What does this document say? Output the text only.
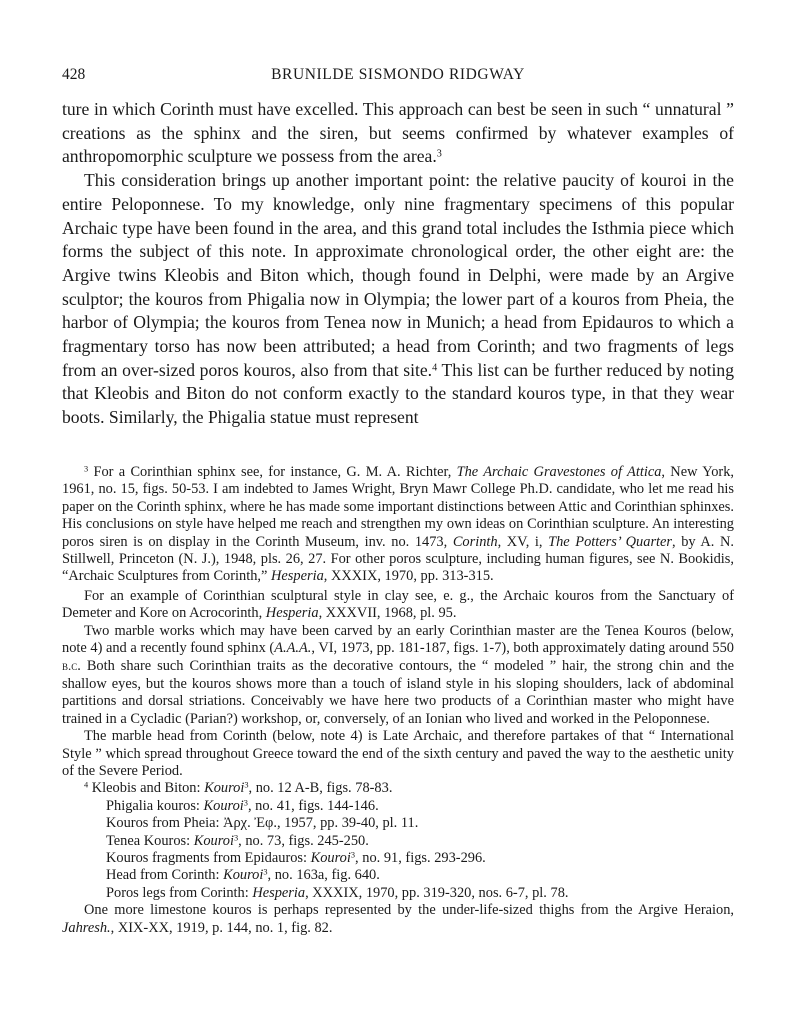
428	BRUNILDE SISMONDO RIDGWAY

ture in which Corinth must have excelled. This approach can best be seen in such “ unnatural ” creations as the sphinx and the siren, but seems confirmed by whatever examples of anthropomorphic sculpture we possess from the area.$^3$

This consideration brings up another important point: the relative paucity of kouroi in the entire Peloponnese. To my knowledge, only nine fragmentary specimens of this popular Archaic type have been found in the area, and this grand total includes the Isthmia piece which forms the subject of this note. In approximate chronological order, the other eight are: the Argive twins Kleobis and Biton which, though found in Delphi, were made by an Argive sculptor; the kouros from Phigalia now in Olympia; the lower part of a kouros from Pheia, the harbor of Olympia; the kouros from Tenea now in Munich; a head from Epidauros to which a fragmentary torso has now been attributed; a head from Corinth; and two fragments of legs from an over-sized poros kouros, also from that site.$^4$ This list can be further reduced by noting that Kleobis and Biton do not conform exactly to the standard kouros type, in that they wear boots. Similarly, the Phigalia statue must represent

$^3$ For a Corinthian sphinx see, for instance, G. M. A. Richter, The Archaic Gravestones of Attica, New York, 1961, no. 15, figs. 50-53. I am indebted to James Wright, Bryn Mawr College Ph.D. candidate, who let me read his paper on the Corinth sphinx, where he has made some important distinctions between Attic and Corinthian sphinxes. His conclusions on style have helped me reach and strengthen my own ideas on Corinthian sculpture. An interesting poros siren is on display in the Corinth Museum, inv. no. 1473, Corinth, XV, i, The Potters’ Quarter, by A. N. Stillwell, Princeton (N. J.), 1948, pls. 26, 27. For other poros sculpture, including human figures, see N. Bookidis, “Archaic Sculptures from Corinth,” Hesperia, XXXIX, 1970, pp. 313-315.

For an example of Corinthian sculptural style in clay see, e. g., the Archaic kouros from the Sanctuary of Demeter and Kore on Acrocorinth, Hesperia, XXXVII, 1968, pl. 95.

Two marble works which may have been carved by an early Corinthian master are the Tenea Kouros (below, note 4) and a recently found sphinx (A.A.A., VI, 1973, pp. 181-187, figs. 1-7), both approximately dating around 550 b.c. Both share such Corinthian traits as the decorative contours, the “ modeled ” hair, the strong chin and the shallow eyes, but the kouros shows more than a touch of island style in his sloping shoulders, lack of abdominal partitions and dorsal striations. Conceivably we have here two products of a Corinthian master who might have trained in a Cycladic (Parian?) workshop, or, conversely, of an Ionian who lived and worked in the Peloponnese.

The marble head from Corinth (below, note 4) is Late Archaic, and therefore partakes of that “ International Style ” which spread throughout Greece toward the end of the sixth century and paved the way to the aesthetic unity of the Severe Period.

$^4$ Kleobis and Biton: Kouroi$^3$, no. 12 A-B, figs. 78-83.

Phigalia kouros: Kouroi$^3$, no. 41, figs. 144-146.

Kouros from Pheia: Ἀρχ. Ἐφ., 1957, pp. 39-40, pl. 11.

Tenea Kouros: Kouroi$^3$, no. 73, figs. 245-250.

Kouros fragments from Epidauros: Kouroi$^3$, no. 91, figs. 293-296.

Head from Corinth: Kouroi$^3$, no. 163a, fig. 640.

Poros legs from Corinth: Hesperia, XXXIX, 1970, pp. 319-320, nos. 6-7, pl. 78.

One more limestone kouros is perhaps represented by the under-life-sized thighs from the Argive Heraion, Jahresh., XIX-XX, 1919, p. 144, no. 1, fig. 82.
